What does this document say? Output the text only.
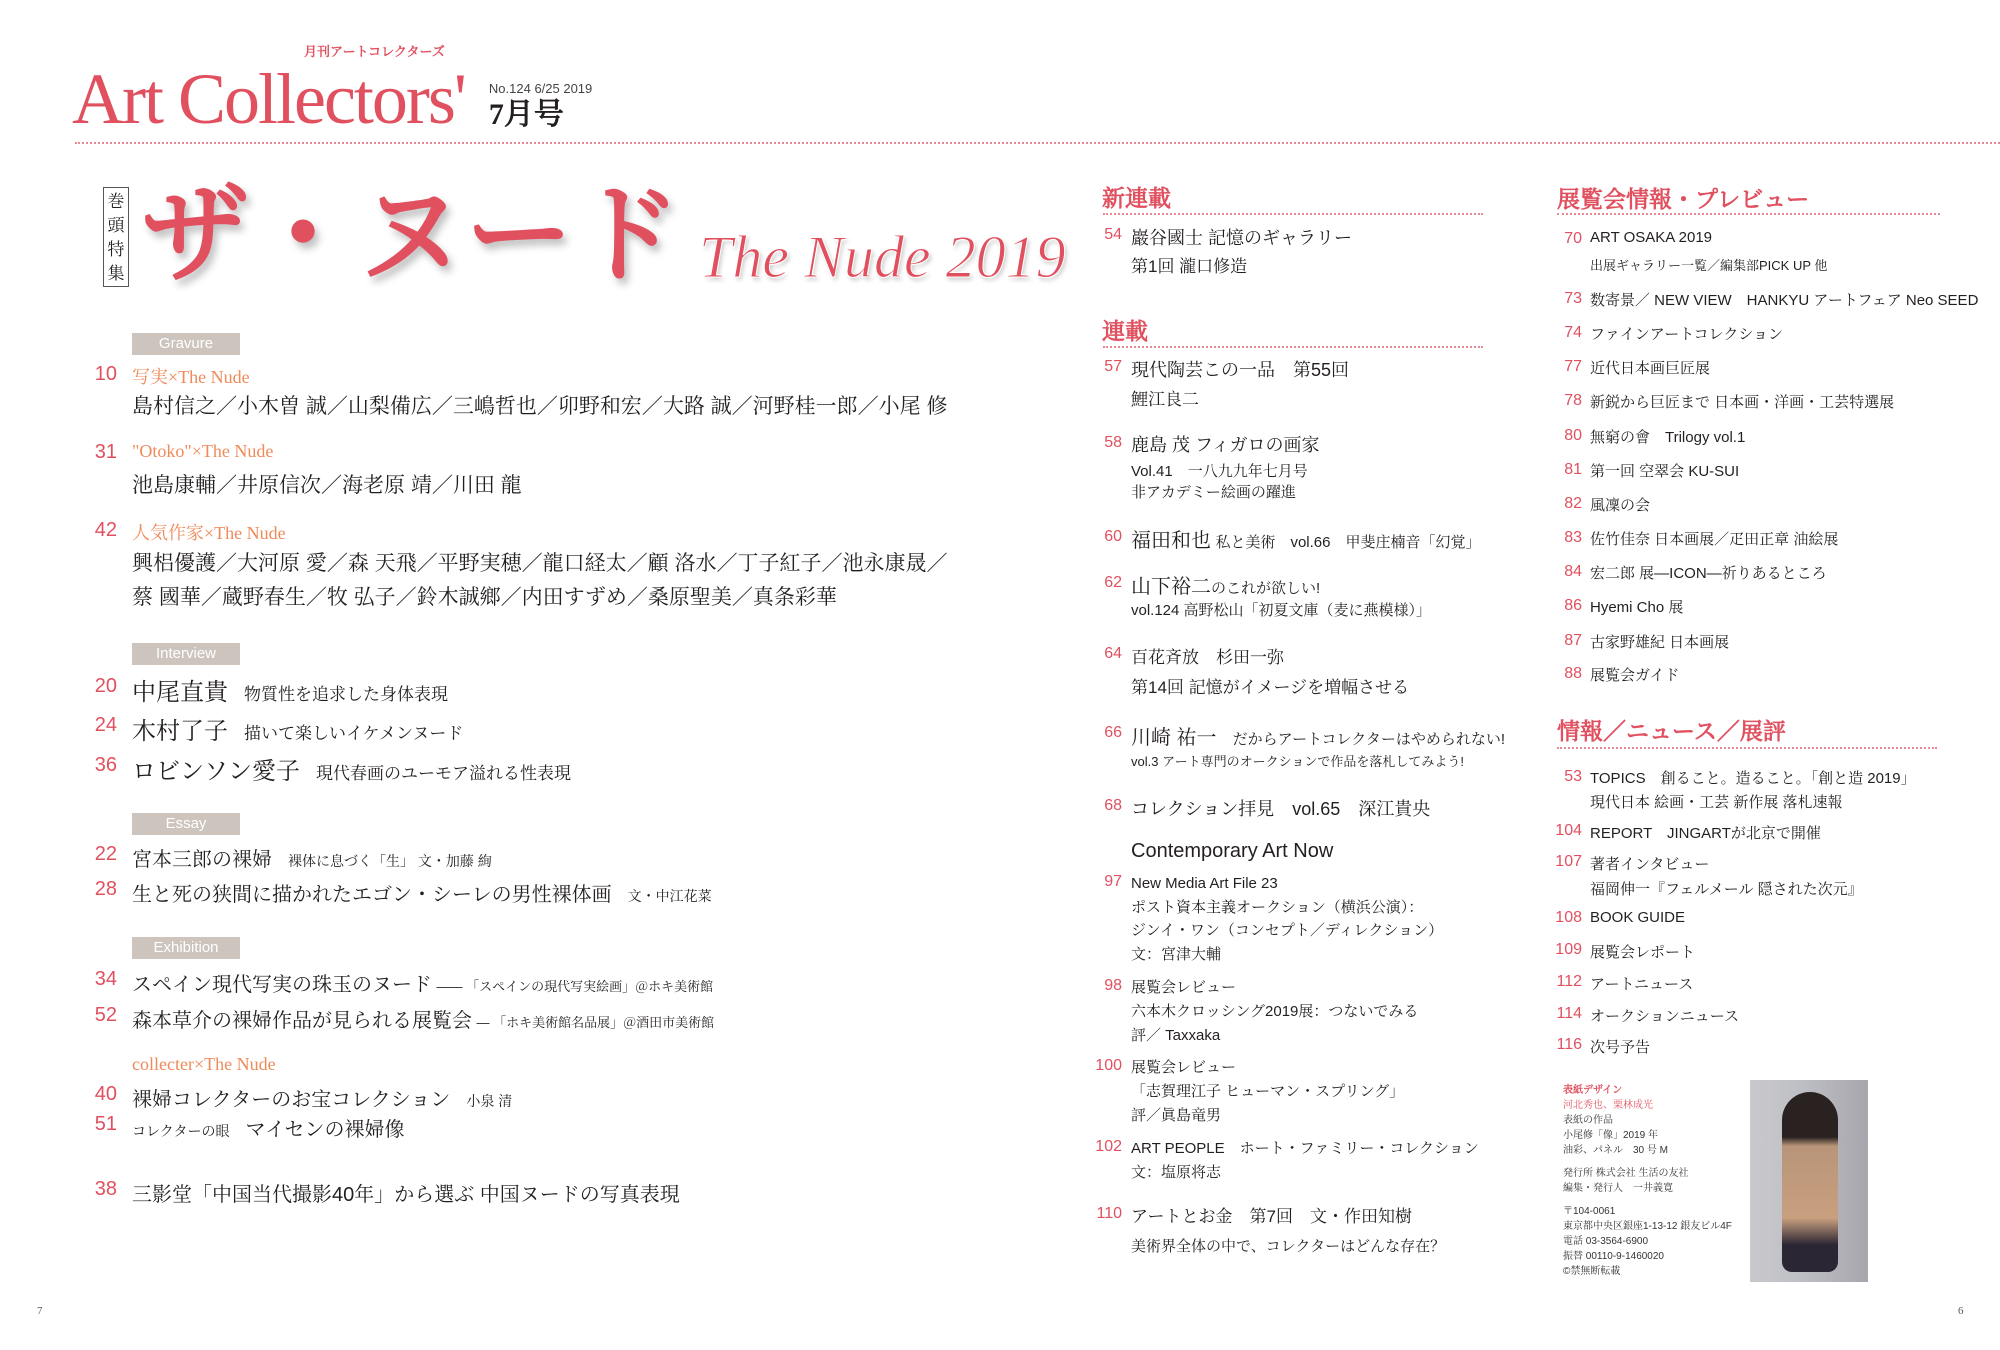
月刊アートコレクターズ
Art Collectors' No.124 6/25 2019
7月号
巻頭特集 ザ・ヌード The Nude 2019
Gravure
10 写実×The Nude
島村信之／小木曽 誠／山梨備広／三嶋哲也／卯野和宏／大路 誠／河野桂一郎／小尾 修
31 "Otoko"×The Nude
池島康輔／井原信次／海老原 靖／川田 龍
42 人気作家×The Nude
興梠優護／大河原 愛／森 天飛／平野実穂／龍口経太／顧 洛水／丁子紅子／池永康晟／
蔡 國華／蔵野春生／牧 弘子／鈴木誠鄉／内田すずめ／桑原聖美／真条彩華
Interview
20 中尾直貴　 物質性を追求した身体表現
24 木村了子　 描いて楽しいイケメンヌード
36 ロビンソン愛子　 現代春画のユーモア溢れる性表現
Essay
22 宮本三郎の裸婦　 裸体に息づく「生」 文・加藤 絢
28 生と死の狭間に描かれたエゴン・シーレの男性裸体画　 文・中江花菜
Exhibition
34 スペイン現代写実の珠玉のヌード —— 「スペインの現代写実絵画」＠ホキ美術館
52 森本草介の裸婦作品が見られる展覧会 — 「ホキ美術館名品展」＠酒田市美術館
collecter×The Nude
40 裸婦コレクターのお宝コレクション　 小泉 清
51 コレクターの眼　 マイセンの裸婦像
38 三影堂「中国当代撮影40年」から選ぶ 中国ヌードの写真表現
新連載
54 巖谷國士 記憶のギャラリー
第1回 瀧口修造
連載
57 現代陶芸この一品　第55回
鯉江良二
58 鹿島 茂 フィガロの画家
Vol.41　一八九九年七月号
非アカデミー絵画の躍進
60 福田和也 私と美術　vol.66　甲斐庄楠音「幻覚」
62 山下裕二のこれが欲しい!
vol.124 高野松山「初夏文庫（麦に燕模様）」
64 百花斉放　杉田一弥
第14回 記憶がイメージを増幅させる
66 川崎 祐一　 だからアートコレクターはやめられない!
vol.3 アート専門のオークションで作品を落札してみよう!
68 コレクション拝見　vol.65　深江貴央
Contemporary Art Now
97 New Media Art File 23
ポスト資本主義オークション（横浜公演）：
ジンイ・ワン（コンセプト／ディレクション）
文：宮津大輔
98 展覧会レビュー
六本木クロッシング2019展：つないでみる
評／ Taxxaka
100 展覧会レビュー
「志賀理江子 ヒューマン・スプリング」
評／眞島竜男
102 ART PEOPLE　ホート・ファミリー・コレクション
文：塩原将志
110 アートとお金　第7回　文・作田知樹
美術界全体の中で、コレクターはどんな存在？
展覧会情報・プレビュー
70 ART OSAKA 2019
出展ギャラリー一覧／編集部PICK UP 他
73 数寄景／ NEW VIEW　HANKYU アートフェア Neo SEED
74 ファインアートコレクション
77 近代日本画巨匠展
78 新鋭から巨匠まで 日本画・洋画・工芸特選展
80 無窮の會　Trilogy vol.1
81 第一回 空翠会 KU-SUI
82 風凜の会
83 佐竹佳奈 日本画展／疋田正章 油絵展
84 宏二郎 展—ICON—祈りあるところ
86 Hyemi Cho 展
87 古家野雄紀 日本画展
88 展覧会ガイド
情報／ニュース／展評
53 TOPICS　創ること。造ること。「創と造 2019」
現代日本 絵画・工芸 新作展 落札速報
104 REPORT　JINGARTが北京で開催
107 著者インタビュー
福岡伸一『フェルメール 隠された次元』
108 BOOK GUIDE
109 展覧会レポート
112 アートニュース
114 オークションニュース
116 次号予告
表紙デザイン
河北秀也、栗林成光
表紙の作品
小尾修「像」2019 年
油彩、パネル　30 号 M
発行所 株式会社 生活の友社
編集・発行人　一井義寛
〒104-0061
東京都中央区銀座1-13-12 銀友ビル4F
電話 03-3564-6900
振替 00110-9-1460020
©禁無断転載
7	6
